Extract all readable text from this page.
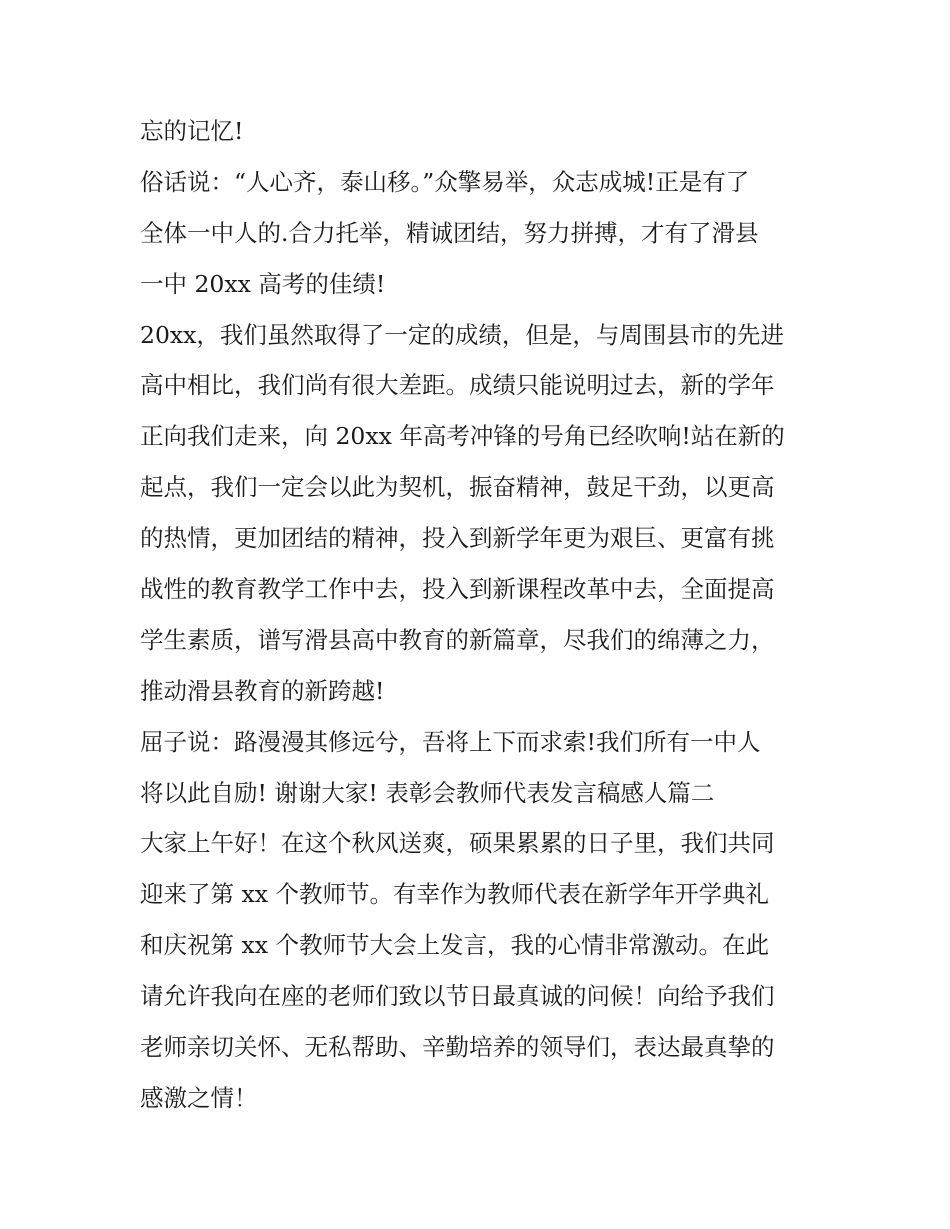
忘的记忆!
俗话说：“人心齐，泰山移。”众擎易举，众志成城!正是有了
全体一中人的.合力托举，精诚团结，努力拼搏，才有了滑县
一中 20xx 高考的佳绩!
20xx，我们虽然取得了一定的成绩，但是，与周围县市的先进
高中相比，我们尚有很大差距。成绩只能说明过去，新的学年
正向我们走来，向 20xx 年高考冲锋的号角已经吹响!站在新的
起点，我们一定会以此为契机，振奋精神，鼓足干劲，以更高
的热情，更加团结的精神，投入到新学年更为艰巨、更富有挑
战性的教育教学工作中去，投入到新课程改革中去，全面提高
学生素质，谱写滑县高中教育的新篇章，尽我们的绵薄之力，
推动滑县教育的新跨越!
屈子说：路漫漫其修远兮，吾将上下而求索!我们所有一中人
将以此自励! 谢谢大家! 表彰会教师代表发言稿感人篇二
大家上午好！在这个秋风送爽，硕果累累的日子里，我们共同
迎来了第 xx 个教师节。有幸作为教师代表在新学年开学典礼
和庆祝第 xx 个教师节大会上发言，我的心情非常激动。在此
请允许我向在座的老师们致以节日最真诚的问候！向给予我们
老师亲切关怀、无私帮助、辛勤培养的领导们，表达最真挚的
感激之情！
